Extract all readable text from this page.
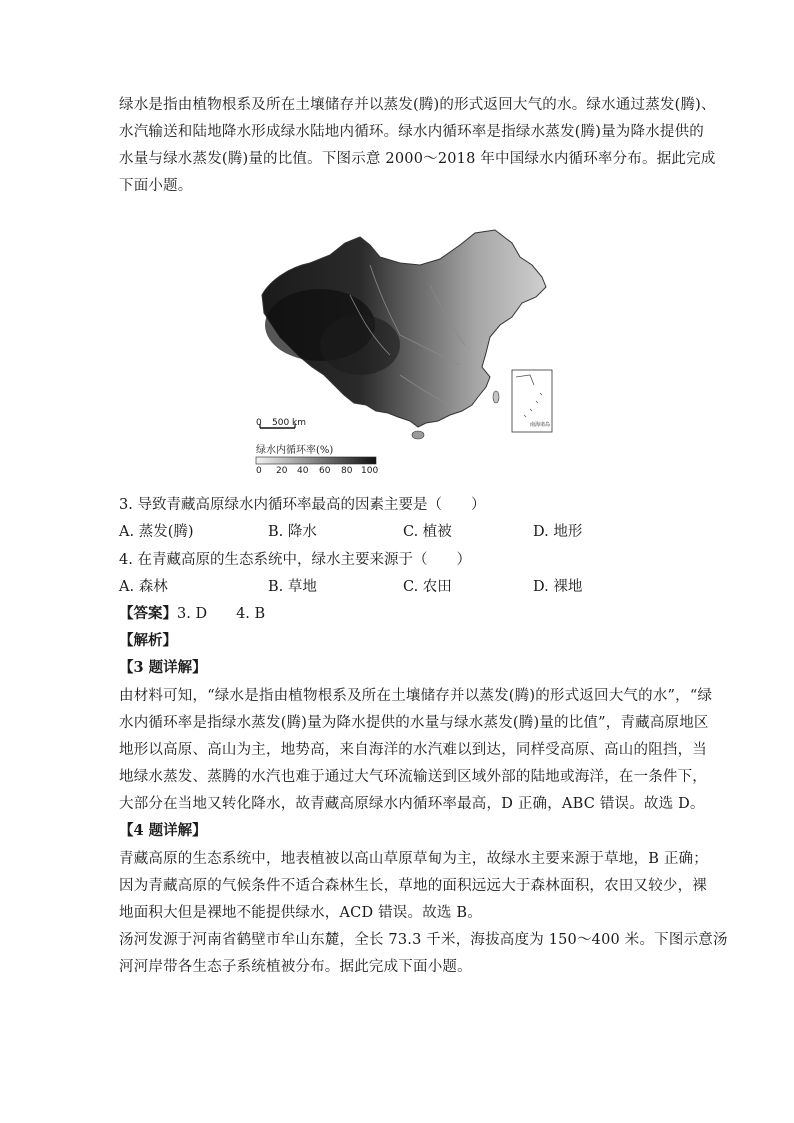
绿水是指由植物根系及所在土壤储存并以蒸发(腾)的形式返回大气的水。绿水通过蒸发(腾)、
水汽输送和陆地降水形成绿水陆地内循环。绿水内循环率是指绿水蒸发(腾)量为降水提供的
水量与绿水蒸发(腾)量的比值。下图示意 2000～2018 年中国绿水内循环率分布。据此完成
下面小题。
0 500 km
绿水内循环率(%)
南海诸岛
0 20 40 60 80 100
3. 导致青藏高原绿水内循环率最高的因素主要是（　　）
A. 蒸发(腾)	B. 降水	C. 植被	D. 地形
4. 在青藏高原的生态系统中，绿水主要来源于（　　）
A. 森林	B. 草地	C. 农田	D. 裸地
【答案】3. D　　4. B
【解析】
【3 题详解】
由材料可知，“绿水是指由植物根系及所在土壤储存并以蒸发(腾)的形式返回大气的水”，“绿
水内循环率是指绿水蒸发(腾)量为降水提供的水量与绿水蒸发(腾)量的比值”，青藏高原地区
地形以高原、高山为主，地势高，来自海洋的水汽难以到达，同样受高原、高山的阻挡，当
地绿水蒸发、蒸腾的水汽也难于通过大气环流输送到区域外部的陆地或海洋，在一条件下，
大部分在当地又转化降水，故青藏高原绿水内循环率最高，D 正确，ABC 错误。故选 D。
【4 题详解】
青藏高原的生态系统中，地表植被以高山草原草甸为主，故绿水主要来源于草地，B 正确；
因为青藏高原的气候条件不适合森林生长，草地的面积远远大于森林面积，农田又较少，裸
地面积大但是裸地不能提供绿水，ACD 错误。故选 B。
汤河发源于河南省鹤壁市牟山东麓，全长 73.3 千米，海拔高度为 150～400 米。下图示意汤
河河岸带各生态子系统植被分布。据此完成下面小题。
